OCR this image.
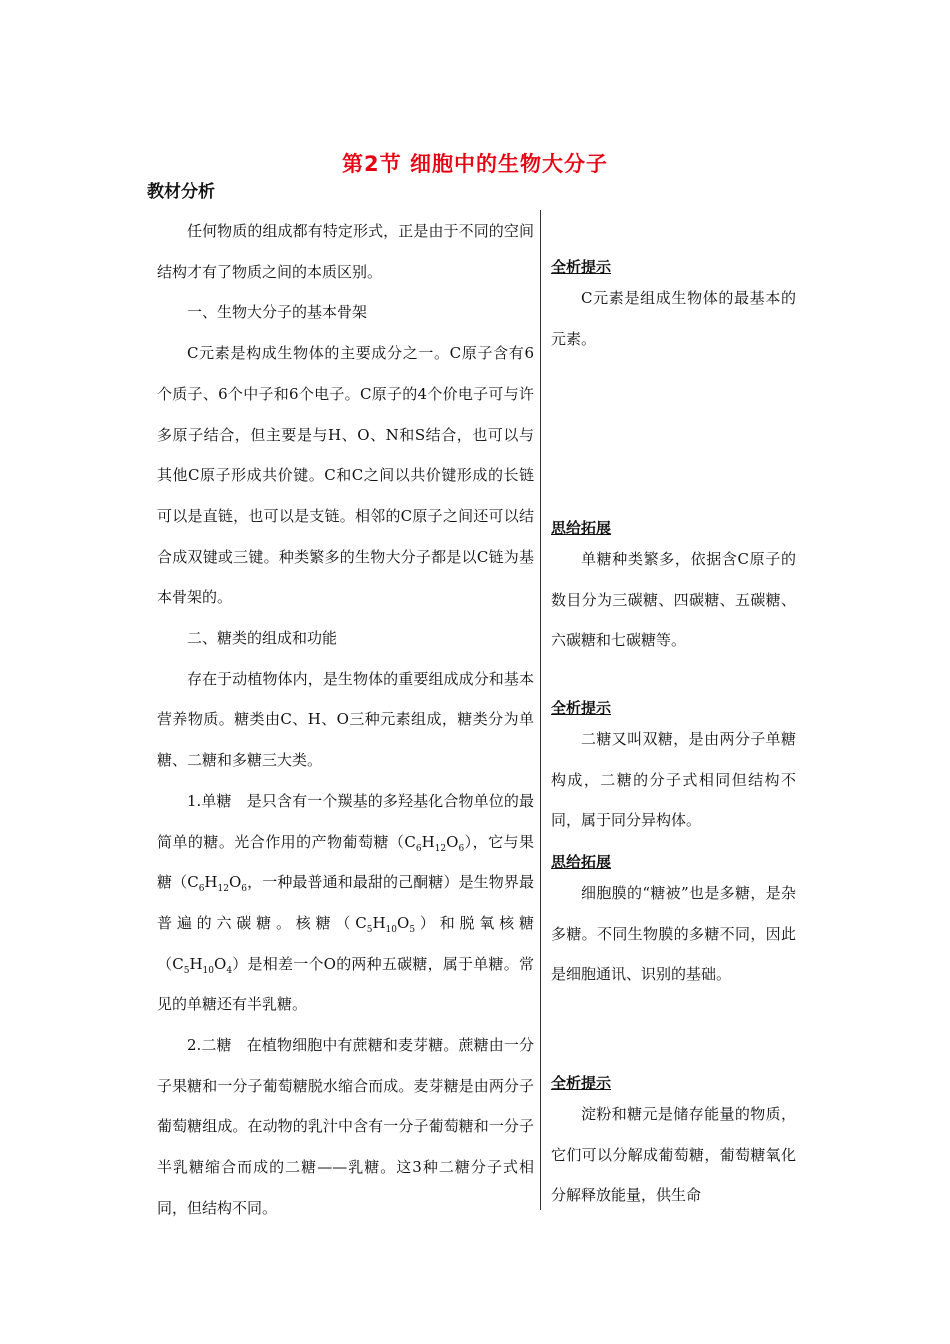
第2节 细胞中的生物大分子
教材分析

任何物质的组成都有特定形式，正是由于不同的空间结构才有了物质之间的本质区别。

一、生物大分子的基本骨架

C元素是构成生物体的主要成分之一。C原子含有6个质子、6个中子和6个电子。C原子的4个价电子可与许多原子结合，但主要是与H、O、N和S结合，也可以与其他C原子形成共价键。C和C之间以共价键形成的长链可以是直链，也可以是支链。相邻的C原子之间还可以结合成双键或三键。种类繁多的生物大分子都是以C链为基本骨架的。

二、糖类的组成和功能

存在于动植物体内，是生物体的重要组成成分和基本营养物质。糖类由C、H、O三种元素组成，糖类分为单糖、二糖和多糖三大类。

1.单糖　是只含有一个羰基的多羟基化合物单位的最简单的糖。光合作用的产物葡萄糖$(C_6H_{12}O_6)$，它与果糖（$C_6H_{12}O_6$，一种最普通和最甜的己酮糖）是生物界最普遍的六碳糖。核糖$(C_5H_{10}O_5)$和脱氧核糖$(C_5H_{10}O_4)$是相差一个O的两种五碳糖，属于单糖。常见的单糖还有半乳糖。

2.二糖　在植物细胞中有蔗糖和麦芽糖。蔗糖由一分子果糖和一分子葡萄糖脱水缩合而成。麦芽糖是由两分子葡萄糖组成。在动物的乳汁中含有一分子葡萄糖和一分子半乳糖缩合而成的二糖——乳糖。这3种二糖分子式相同，但结构不同。

全析提示

C元素是组成生物体的最基本的元素。

思给拓展

单糖种类繁多，依据含C原子的数目分为三碳糖、四碳糖、五碳糖、六碳糖和七碳糖等。

全析提示

二糖又叫双糖，是由两分子单糖构成，二糖的分子式相同但结构不同，属于同分异构体。

思给拓展

细胞膜的“糖被”也是多糖，是杂多糖。不同生物膜的多糖不同，因此是细胞通讯、识别的基础。

全析提示

淀粉和糖元是储存能量的物质，它们可以分解成葡萄糖，葡萄糖氧化分解释放能量，供生命
